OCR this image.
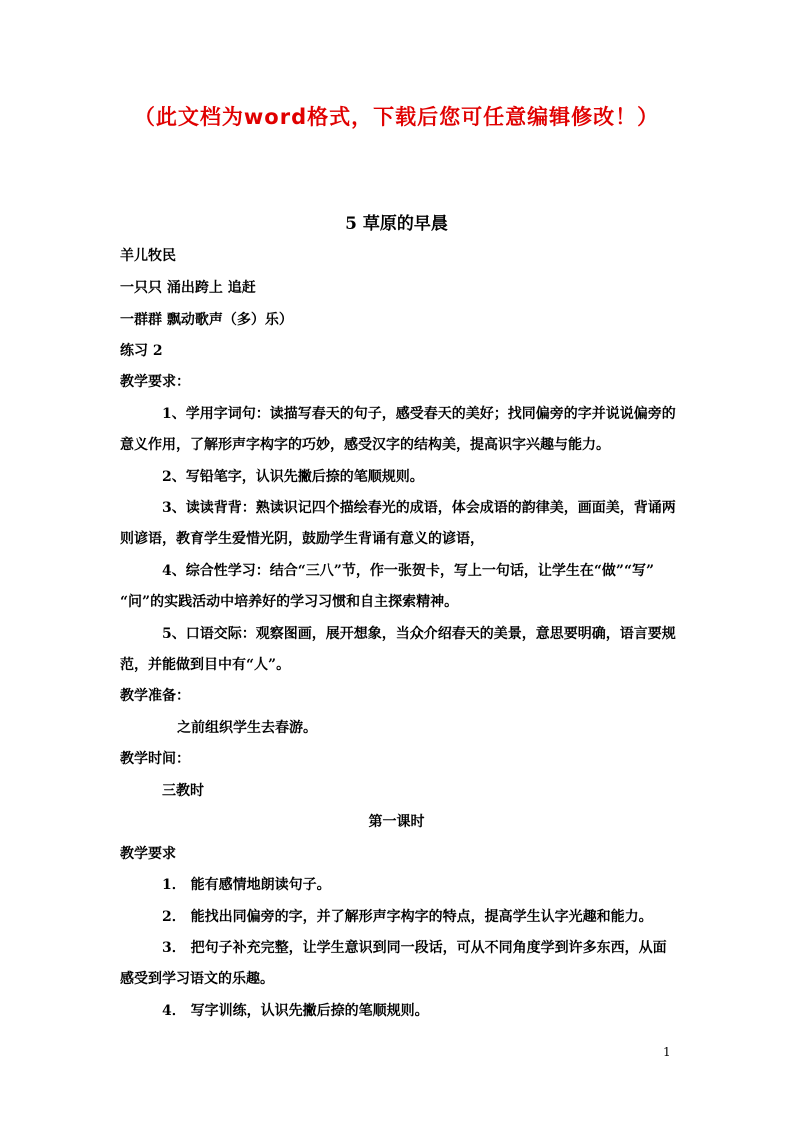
（此文档为word格式，下载后您可任意编辑修改！）
5 草原的早晨
羊儿牧民
一只只 涌出跨上 追赶
一群群 飘动歌声（多）乐）
练习 2
教学要求：
1、学用字词句：读描写春天的句子，感受春天的美好；找同偏旁的字并说说偏旁的
意义作用，了解形声字构字的巧妙，感受汉字的结构美，提高识字兴趣与能力。
2、写铅笔字，认识先撇后捺的笔顺规则。
3、读读背背：熟读识记四个描绘春光的成语，体会成语的韵律美，画面美，背诵两
则谚语，教育学生爱惜光阴，鼓励学生背诵有意义的谚语，
4、综合性学习：结合“三八”节，作一张贺卡，写上一句话，让学生在“做”“写”
“问”的实践活动中培养好的学习习惯和自主探索精神。
5、口语交际：观察图画，展开想象，当众介绍春天的美景，意思要明确，语言要规
范，并能做到目中有“人”。
教学准备：
之前组织学生去春游。
教学时间：
三教时
第一课时
教学要求
1． 能有感情地朗读句子。
2． 能找出同偏旁的字，并了解形声字构字的特点，提高学生认字光趣和能力。
3． 把句子补充完整，让学生意识到同一段话，可从不同角度学到许多东西，从面
感受到学习语文的乐趣。
4． 写字训练，认识先撇后捺的笔顺规则。
1
